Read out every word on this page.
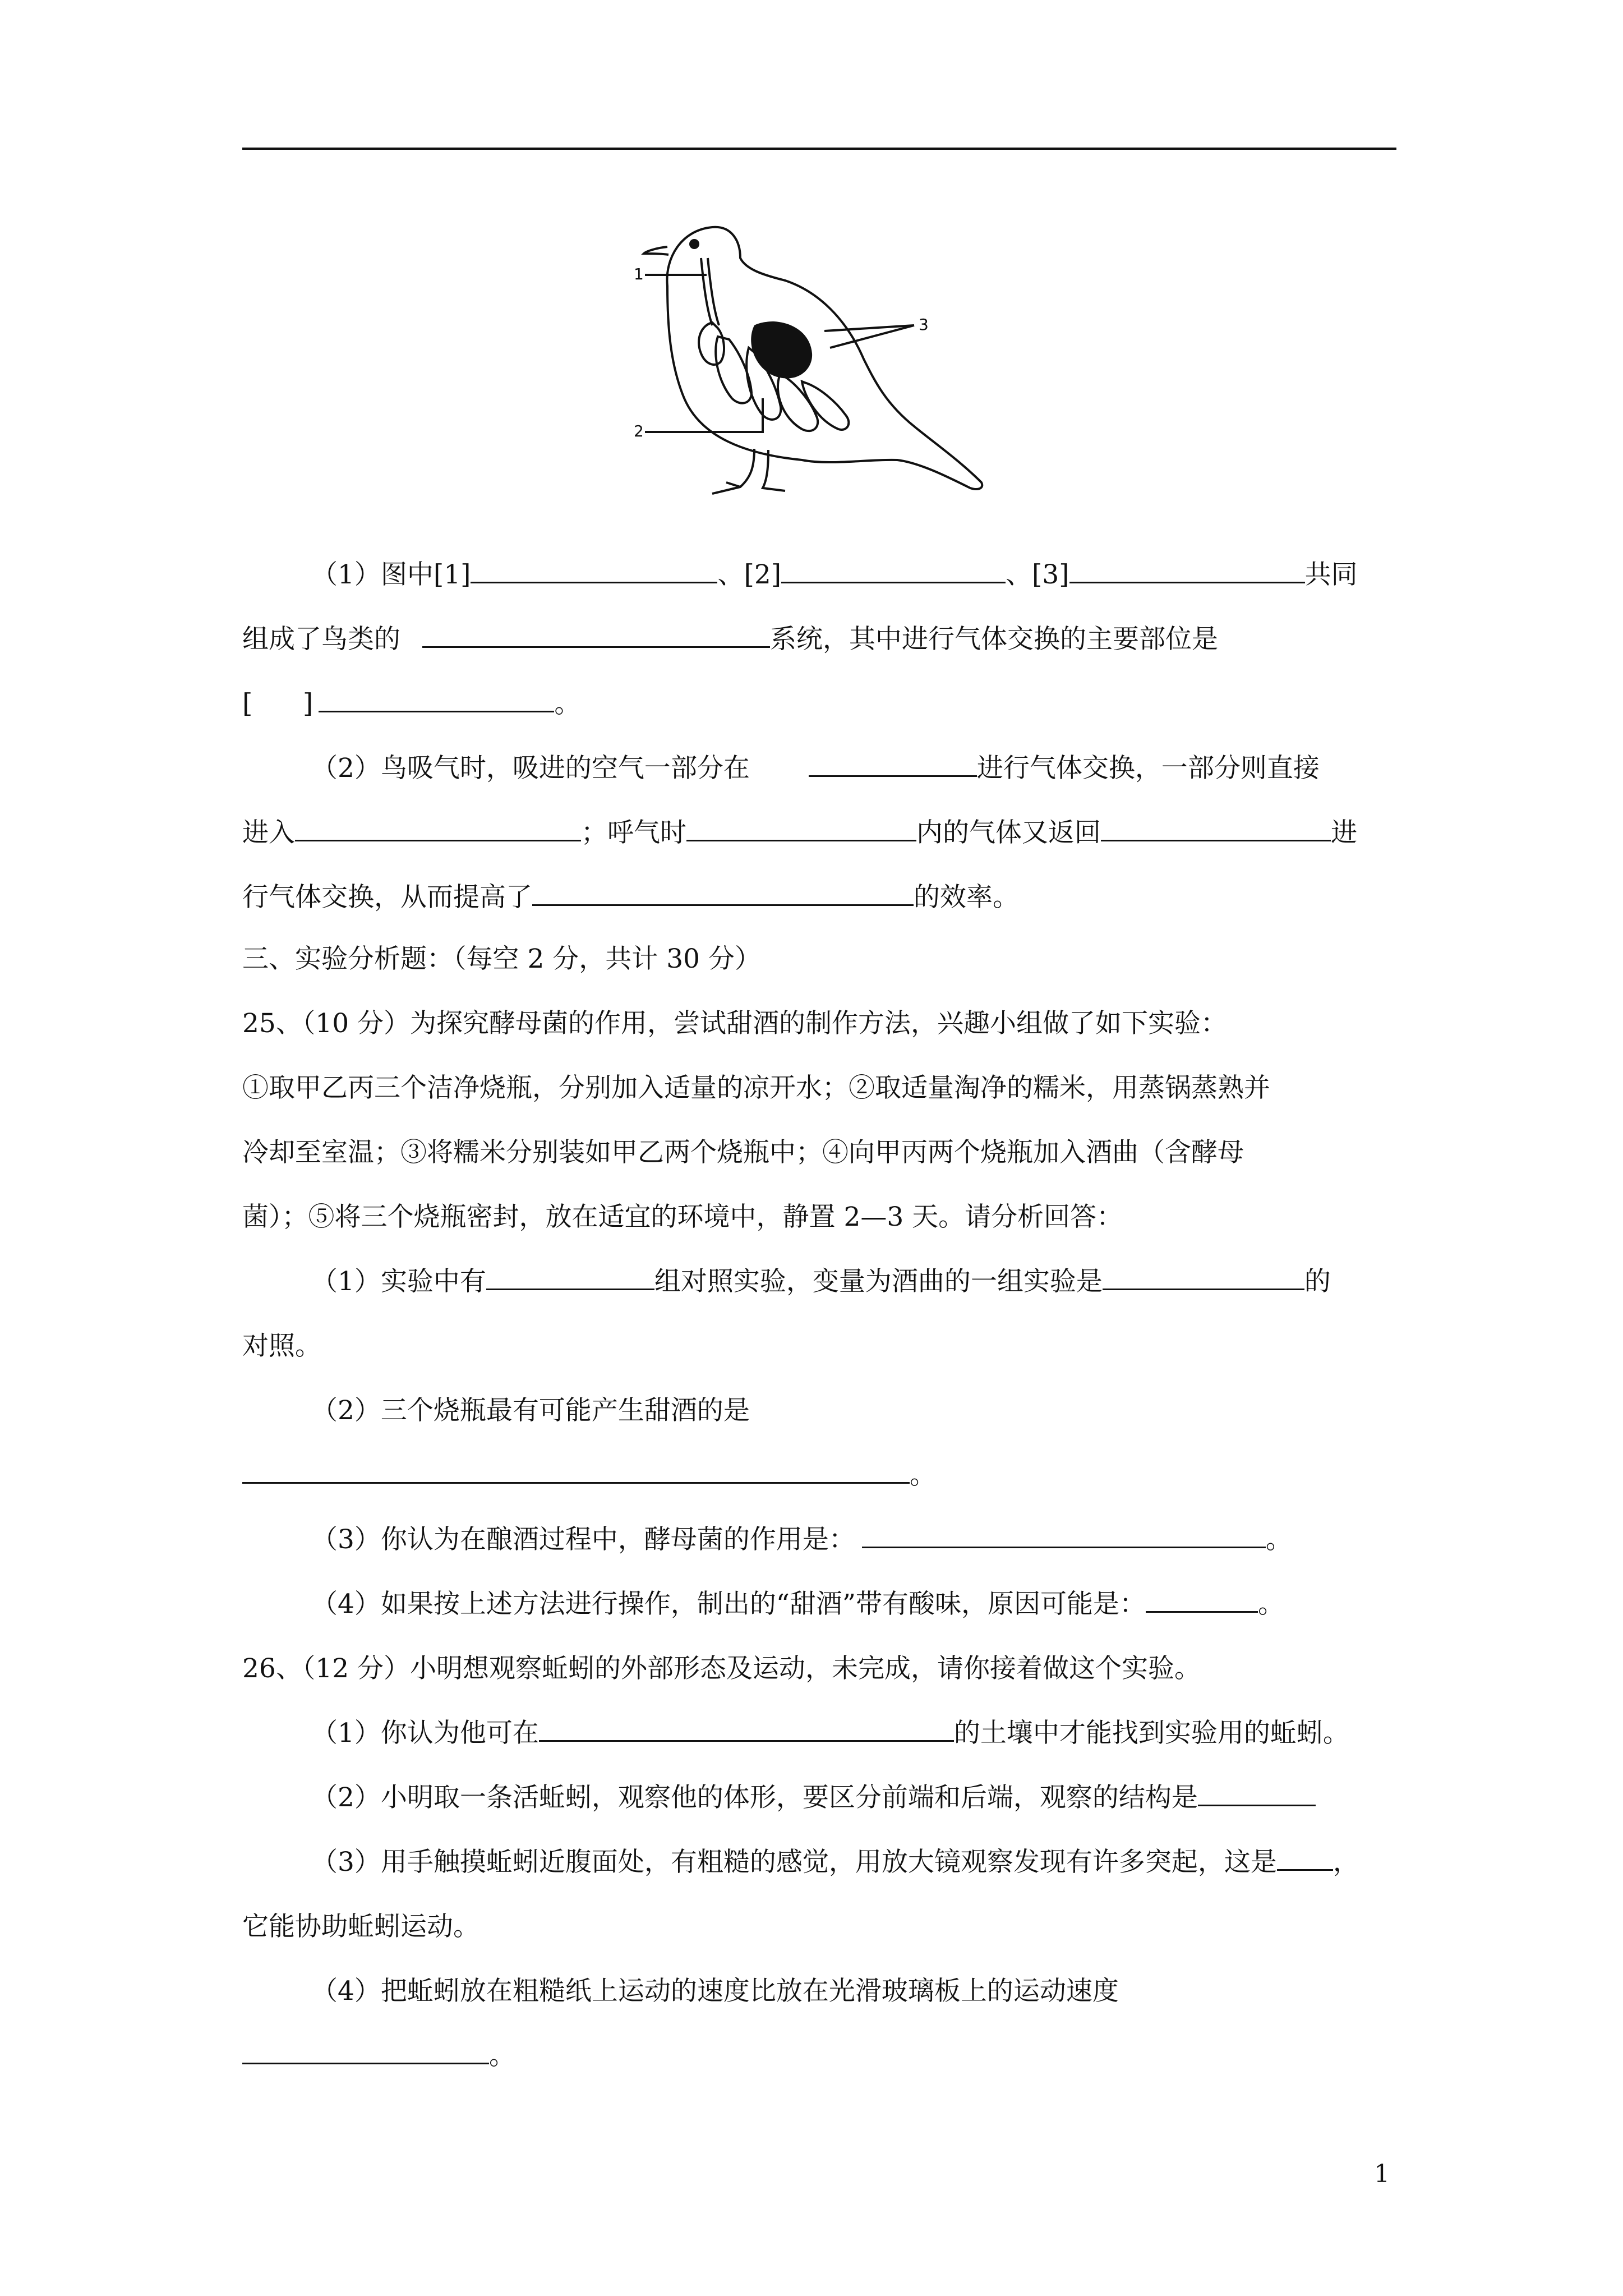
1
2
3
（1）图中[1]	、[2]	、[3]	共同
组成了鸟类的	系统，其中进行气体交换的主要部位是
[      ]	。
（2）鸟吸气时，吸进的空气一部分在	进行气体交换，一部分则直接
进入	；呼气时	内的气体又返回	进
行气体交换，从而提高了	的效率。
三、实验分析题：（每空 2 分，共计 30 分）
25、（10 分）为探究酵母菌的作用，尝试甜酒的制作方法，兴趣小组做了如下实验：
①取甲乙丙三个洁净烧瓶，分别加入适量的凉开水；②取适量淘净的糯米，用蒸锅蒸熟并
冷却至室温；③将糯米分别装如甲乙两个烧瓶中；④向甲丙两个烧瓶加入酒曲（含酵母
菌）；⑤将三个烧瓶密封，放在适宜的环境中，静置 2—3 天。请分析回答：
（1）实验中有	组对照实验，变量为酒曲的一组实验是	的
对照。
（2）三个烧瓶最有可能产生甜酒的是
。
（3）你认为在酿酒过程中，酵母菌的作用是：	。
（4）如果按上述方法进行操作，制出的“甜酒”带有酸味，原因可能是：	。
26、（12 分）小明想观察蚯蚓的外部形态及运动，未完成，请你接着做这个实验。
（1）你认为他可在	的土壤中才能找到实验用的蚯蚓。
（2）小明取一条活蚯蚓，观察他的体形，要区分前端和后端，观察的结构是
（3）用手触摸蚯蚓近腹面处，有粗糙的感觉，用放大镜观察发现有许多突起，这是 ，
它能协助蚯蚓运动。
（4）把蚯蚓放在粗糙纸上运动的速度比放在光滑玻璃板上的运动速度
。
1
